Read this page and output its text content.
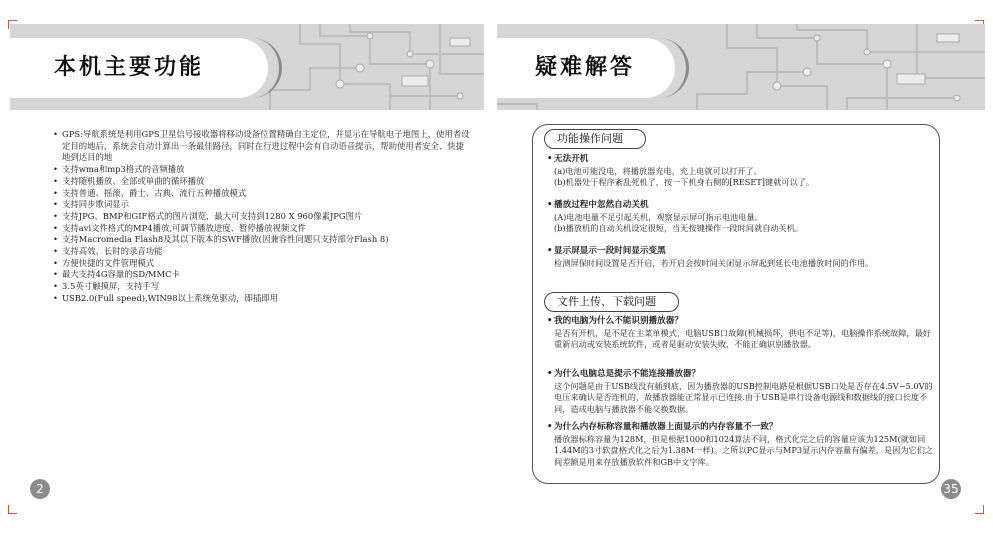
本机主要功能
• GPS:导航系统是利用GPS卫星信号接收器将移动设备位置精确自主定位，并显示在导航电子地图上，使用者设定目的地后，系统会自动计算出一条最佳路径，同时在行进过程中会有自动语音提示，帮助使用者安全、快捷地到达目的地
• 支持wma和mp3格式的音频播放
• 支持随机播放、全部或单曲的循环播放
• 支持普通、摇滚、爵士、古典、流行五种播放模式
• 支持同步歌词显示
• 支持JPG、BMP和GIF格式的图片浏览，最大可支持到1280 X 960像素JPG图片
• 支持avi文件格式的MP4播放,可调节播放进度、暂停播放视频文件
• 支持Macromedia Flash8及其以下版本的SWF播放(因兼容性问题只支持部分Flash 8)
• 支持高效、长时的录音功能
• 方便快捷的文件管理模式
• 最大支持4G容量的SD/MMC卡
• 3.5英寸触摸屏，支持手写
• USB2.0(Full speed),WIN98以上系统免驱动，即插即用
2
疑难解答
功能操作问题
• 无法开机
(a)电池可能没电，将播放器充电，充上电就可以打开了。
(b)机器处于程序紊乱死机了，按一下机身右侧的[RESET]键就可以了。
• 播放过程中忽然自动关机
(A)电池电量不足引起关机，观察显示屏可指示电池电量。
(b)播放机的自动关机设定很短，当无按键操作一段时间就自动关机。
• 显示屏显示一段时间显示变黑
检测屏保时间设置是否开启，若开启会按时间关闭显示屏起到延长电池播放时间的作用。
文件上传、下载问题
• 我的电脑为什么不能识别播放器？
是否有开机，是不是在主菜单模式，电脑USB口故障(机械损坏，供电不足等)，电脑操作系统故障，最好重新启动或安装系统软件，或者是驱动安装失败，不能正确识别播放器。
• 为什么电脑总是提示不能连接播放器？
这个问题是由于USB线没有插到底，因为播放器的USB控制电路是根据USB口处是否存在4.5V~5.0V的电压来确认是否连机的，故播放器能正常显示已连接.由于USB是串行设备电源线和数据线的接口长度不同，造成电脑与播放器不能交换数据。
• 为什么内存标称容量和播放器上面显示的内存容量不一致？
播放器标称容量为128M，但是根据1000和1024算法不同，格式化完之后的容量应该为125M(就如同1.44M的3寸软盘格式化之后为1.38M一样)。之所以PC显示与MP3显示内存容量有偏差，是因为它们之间差额是用来存放播放软件和GB中文字库。
35
